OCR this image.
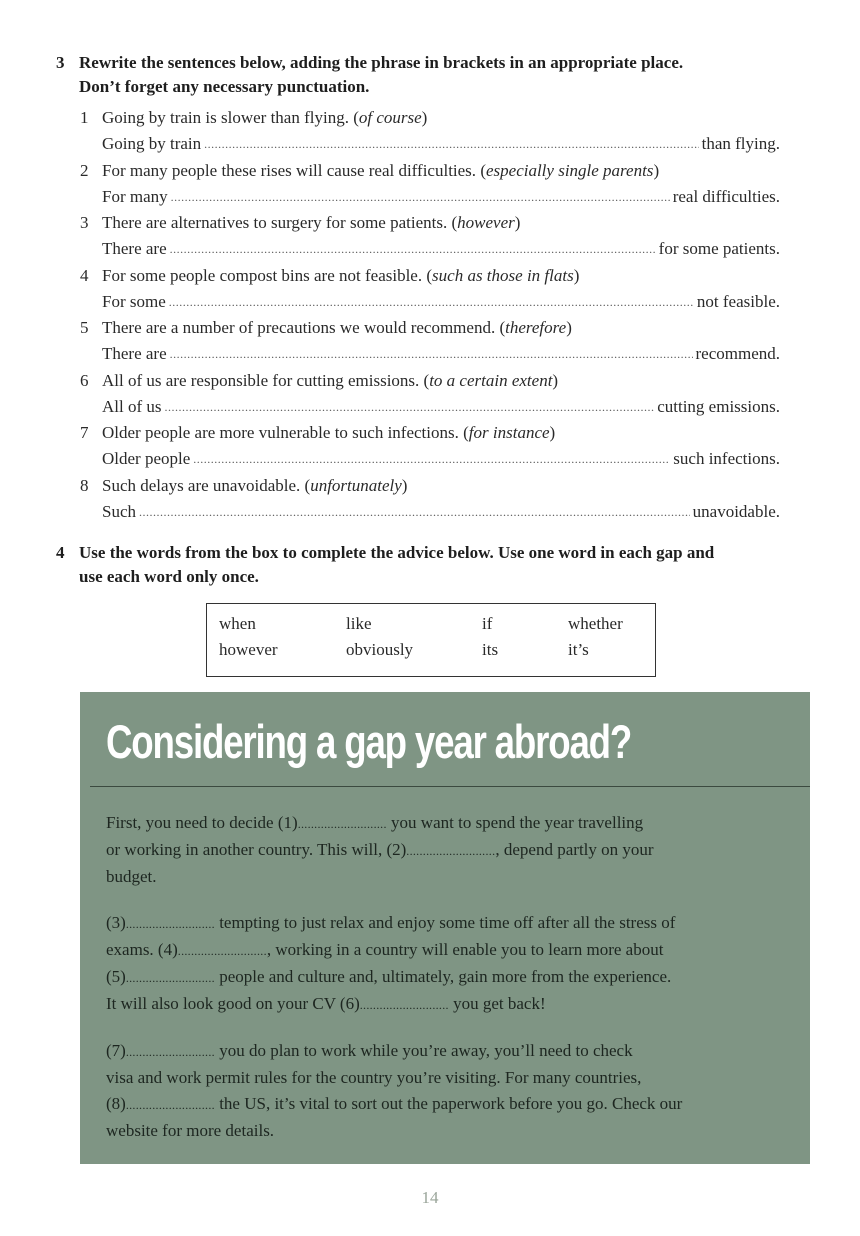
3 Rewrite the sentences below, adding the phrase in brackets in an appropriate place.
Don’t forget any necessary punctuation.
1 Going by train is slower than flying. (of course)
Going by train .....	than flying.
2 For many people these rises will cause real difficulties. (especially single parents)
For many .....	real difficulties.
3 There are alternatives to surgery for some patients. (however)
There are .....	for some patients.
4 For some people compost bins are not feasible. (such as those in flats)
For some .....	not feasible.
5 There are a number of precautions we would recommend. (therefore)
There are .....	recommend.
6 All of us are responsible for cutting emissions. (to a certain extent)
All of us .....	cutting emissions.
7 Older people are more vulnerable to such infections. (for instance)
Older people .....	such infections.
8 Such delays are unavoidable. (unfortunately)
Such .....	unavoidable.
4 Use the words from the box to complete the advice below. Use one word in each gap and
use each word only once.
when	like	if	whether
however	obviously	its	it’s
Considering a gap year abroad?
First, you need to decide (1)........................... you want to spend the year travelling
or working in another country. This will, (2)..........................., depend partly on your
budget.
(3)........................... tempting to just relax and enjoy some time off after all the stress of
exams. (4)..........................., working in a country will enable you to learn more about
(5)........................... people and culture and, ultimately, gain more from the experience.
It will also look good on your CV (6)........................... you get back!
(7)........................... you do plan to work while you’re away, you’ll need to check
visa and work permit rules for the country you’re visiting. For many countries,
(8)........................... the US, it’s vital to sort out the paperwork before you go. Check our
website for more details.
14
